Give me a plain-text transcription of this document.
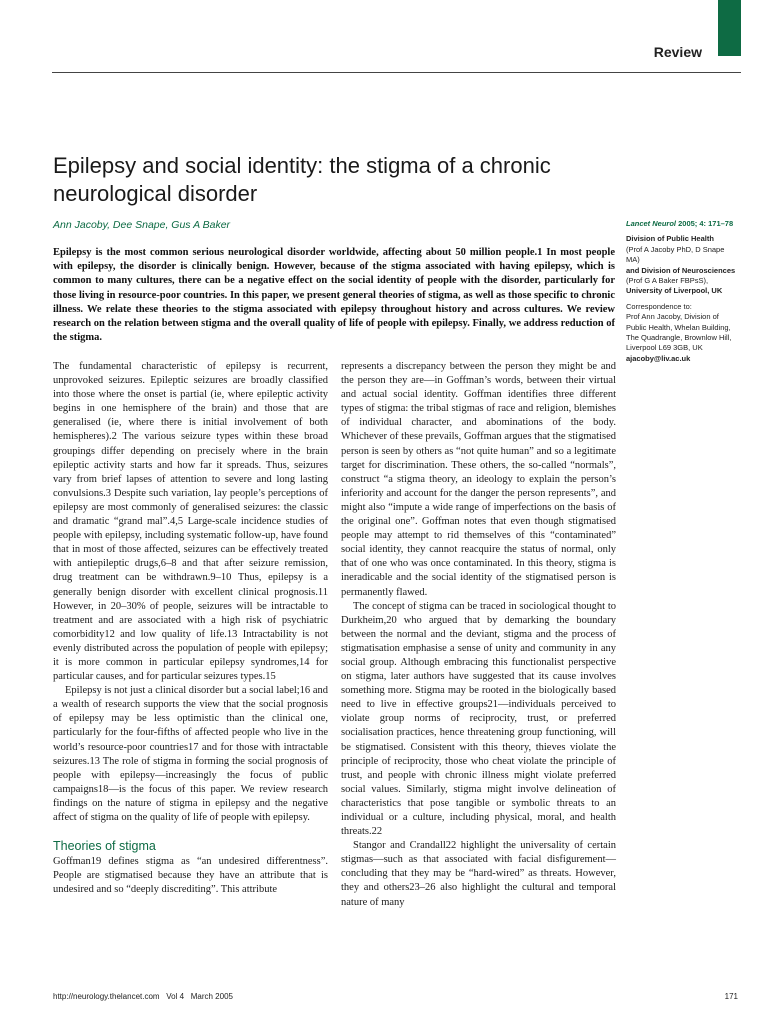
Review
Epilepsy and social identity: the stigma of a chronic neurological disorder
Ann Jacoby, Dee Snape, Gus A Baker

Epilepsy is the most common serious neurological disorder worldwide, affecting about 50 million people.1 In most people with epilepsy, the disorder is clinically benign. However, because of the stigma associated with having epilepsy, which is common to many cultures, there can be a negative effect on the social identity of people with the disorder, particularly for those living in resource-poor countries. In this paper, we present general theories of stigma, as well as those specific to chronic illness. We relate these theories to the stigma associated with epilepsy throughout history and across cultures. We review research on the relation between stigma and the overall quality of life of people with epilepsy. Finally, we address reduction of the stigma.

Lancet Neurol 2005; 4: 171–78
Division of Public Health
(Prof A Jacoby PhD, D Snape MA)
and Division of Neurosciences
(Prof G A Baker FBPsS),
University of Liverpool, UK
Correspondence to:
Prof Ann Jacoby, Division of Public Health, Whelan Building, The Quadrangle, Brownlow Hill, Liverpool L69 3GB, UK
ajacoby@liv.ac.uk

The fundamental characteristic of epilepsy is recurrent, unprovoked seizures. Epileptic seizures are broadly classified into those where the onset is partial (ie, where epileptic activity begins in one hemisphere of the brain) and those that are generalised (ie, where there is initial involvement of both hemispheres).2 The various seizure types within these broad groupings differ depending on precisely where in the brain epileptic activity starts and how far it spreads. Thus, seizures vary from brief lapses of attention to severe and long lasting convulsions.3 Despite such variation, lay people’s perceptions of epilepsy are most commonly of generalised seizures: the classic and dramatic “grand mal”.4,5 Large-scale incidence studies of people with epilepsy, including systematic follow-up, have found that in most of those affected, seizures can be effectively treated with antiepileptic drugs,6–8 and that after seizure remission, drug treatment can be withdrawn.9–10 Thus, epilepsy is a generally benign disorder with excellent clinical prognosis.11 However, in 20–30% of people, seizures will be intractable to treatment and are associated with a high risk of psychiatric comorbidity12 and low quality of life.13 Intractability is not evenly distributed across the population of people with epilepsy; it is more common in particular epilepsy syndromes,14 for particular causes, and for particular seizures types.15

Epilepsy is not just a clinical disorder but a social label;16 and a wealth of research supports the view that the social prognosis of epilepsy may be less optimistic than the clinical one, particularly for the four-fifths of affected people who live in the world’s resource-poor countries17 and for those with intractable seizures.13 The role of stigma in forming the social prognosis of people with epilepsy—increasingly the focus of public campaigns18—is the focus of this paper. We review research findings on the nature of stigma in epilepsy and the negative affect of stigma on the quality of life of people with epilepsy.

Theories of stigma

Goffman19 defines stigma as “an undesired differentness”. People are stigmatised because they have an attribute that is undesired and so “deeply discrediting”. This attribute

represents a discrepancy between the person they might be and the person they are—in Goffman’s words, between their virtual and actual social identity. Goffman identifies three different types of stigma: the tribal stigmas of race and religion, blemishes of individual character, and abominations of the body. Whichever of these prevails, Goffman argues that the stigmatised person is seen by others as “not quite human” and so a legitimate target for discrimination. These others, the so-called “normals”, construct “a stigma theory, an ideology to explain the person’s inferiority and account for the danger the person represents”, and might also “impute a wide range of imperfections on the basis of the original one”. Goffman notes that even though stigmatised people may attempt to rid themselves of this “contaminated” social identity, they cannot reacquire the status of normal, only that of one who was once contaminated. In this theory, stigma is ineradicable and the social identity of the stigmatised person is permanently flawed.

The concept of stigma can be traced in sociological thought to Durkheim,20 who argued that by demarking the boundary between the normal and the deviant, stigma and the process of stigmatisation emphasise a sense of unity and community in any social group. Although embracing this functionalist perspective on stigma, later authors have suggested that its cause involves something more. Stigma may be rooted in the biologically based need to live in effective groups21—individuals perceived to violate group norms of reciprocity, trust, or preferred socialisation practices, hence threatening group functioning, will be stigmatised. Consistent with this theory, thieves violate the principle of reciprocity, those who cheat violate the principle of trust, and people with chronic illness might violate preferred social values. Similarly, stigma might involve delineation of characteristics that pose tangible or symbolic threats to an individual or a culture, including physical, moral, and health threats.22

Stangor and Crandall22 highlight the universality of certain stigmas—such as that associated with facial disfigurement—concluding that they may be “hard-wired” as threats. However, they and others23–26 also highlight the cultural and temporal nature of many

http://neurology.thelancet.com Vol 4 March 2005	171
